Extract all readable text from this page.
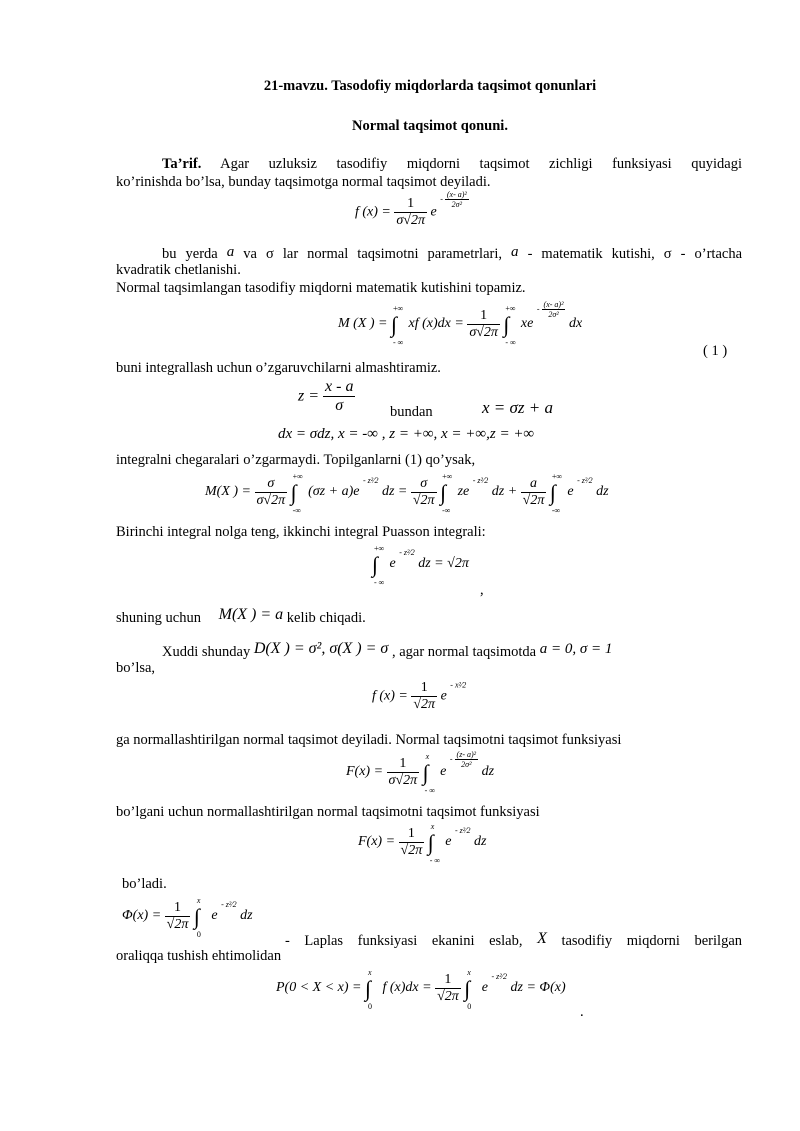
21-mavzu. Tasodofiy miqdorlarda taqsimot qonunlari
Normal taqsimot qonuni.
Ta’rif. Agar uzluksiz tasodifiy miqdorni taqsimot zichligi funksiyasi quyidagi
ko’rinishda bo’lsa, bunday taqsimotga normal taqsimot deyiladi.
f $(x) = \frac{1}{\sigma√2\pi}$ e - $\frac{\text{(x- a)²}}{\text{2σ²}}$
bu yerda a va σ lar normal taqsimotni parametrlari, a - matematik kutishi, σ - o’rtacha
kvadratik chetlanishi.
Normal taqsimlangan tasodifiy miqdorni matematik kutishini topamiz.
M (X ) =
+∞
∫
- ∞
xf $(x)dx = \frac{1}{\sigma√2\pi}$
+∞
∫
- ∞
xe - $\frac{\text{(x- a)²}}{\text{2σ²}}$
dx
( 1 )
buni integrallash uchun o’zgaruvchilarni almashtiramiz.
$z = \frac{x - a}{\sigma}$ bundan	x = σz + a
dx = σdz, x = -∞ , z = +∞, x = +∞,z = +∞
integralni chegaralari o’zgarmaydi. Topilganlarni (1) qo’ysak,
M(X ) = $\frac{\sigma}{\sigma√2\pi}$
+∞
∫
-∞
(σz + a)e $^{- z^2⁄2}$ dz = $\frac{\sigma}{√2\pi}$
+∞
∫
-∞
ze $^{- z^2⁄2}$ dz + $\frac{a}{√2\pi}$
+∞
∫
-∞
e $^{- z^2⁄2}$ dz
Birinchi integral nolga teng, ikkinchi integral Puasson integrali:
+∞
∫
- ∞
e $^{- z^2⁄2}$ dz = √2π
,
shuning uchun M(X ) = a kelib chiqadi.
Xuddi shunday D(X ) = σ², σ(X ) = σ , agar normal taqsimotda a = 0, σ = 1
bo’lsa,
f $(x) = \frac{1}{√2\pi}$ e $^{- x^2⁄2}$
ga normallashtirilgan normal taqsimot deyiladi. Normal taqsimotni taqsimot funksiyasi
$F(x) = \frac{1}{\sigma√2\pi}$
x
∫
- ∞
e - $\frac{\text{(z- a)²}}{\text{2σ²}}$
dz
bo’lgani uchun normallashtirilgan normal taqsimotni taqsimot funksiyasi
$F(x) = \frac{1}{√2\pi}$
x
∫
- ∞
e $^{- z^2⁄2}$ dz
bo’ladi.
$\Phi(x) = \frac{1}{√2\pi}$
x
∫
0
e $^{- z^2⁄2}$ dz
- Laplas funksiyasi ekanini eslab, X tasodifiy miqdorni berilgan
oraliqqa tushish ehtimolidan
P(0 < X < x) =
x
∫
0
f $(x)dx = \frac{1}{√2\pi}$
x
∫
0
e $^{- z^2⁄2}$ dz = Φ(x)
.
